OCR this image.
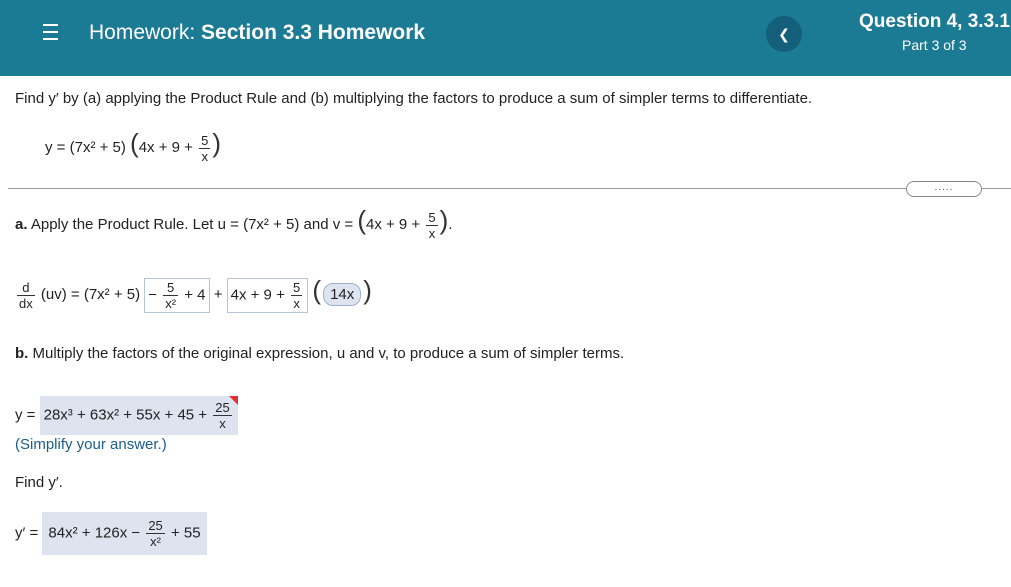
Homework: Section 3.3 Homework	❮
Question 4, 3.3.1
Part 3 of 3
Find y′ by (a) applying the Product Rule and (b) multiplying the factors to produce a sum of simpler terms to differentiate.
y = (7x² + 5) ($4x + 9 + \frac{5}{x}$ )
.....
a. Apply the Product Rule. Let u = (7x² + 5) and $v = (4x + 9 + \frac{5}{x}$ ).
$\frac{d}{dx} (uv) = (7x^2 + 5) - \frac{5}{\text{x²}} + 4 + 4x + 9 + \frac{5}{x}$ ( 14x )
b. Multiply the factors of the original expression, u and v, to produce a sum of simpler terms.
$y = 28x^3 + 63x^2 + 55x + 45 + \frac{25}{x}$
(Simplify your answer.)
Find y′.
$y' = 84x^2 + 126x - \frac{25}{\text{x²}} + 55$
